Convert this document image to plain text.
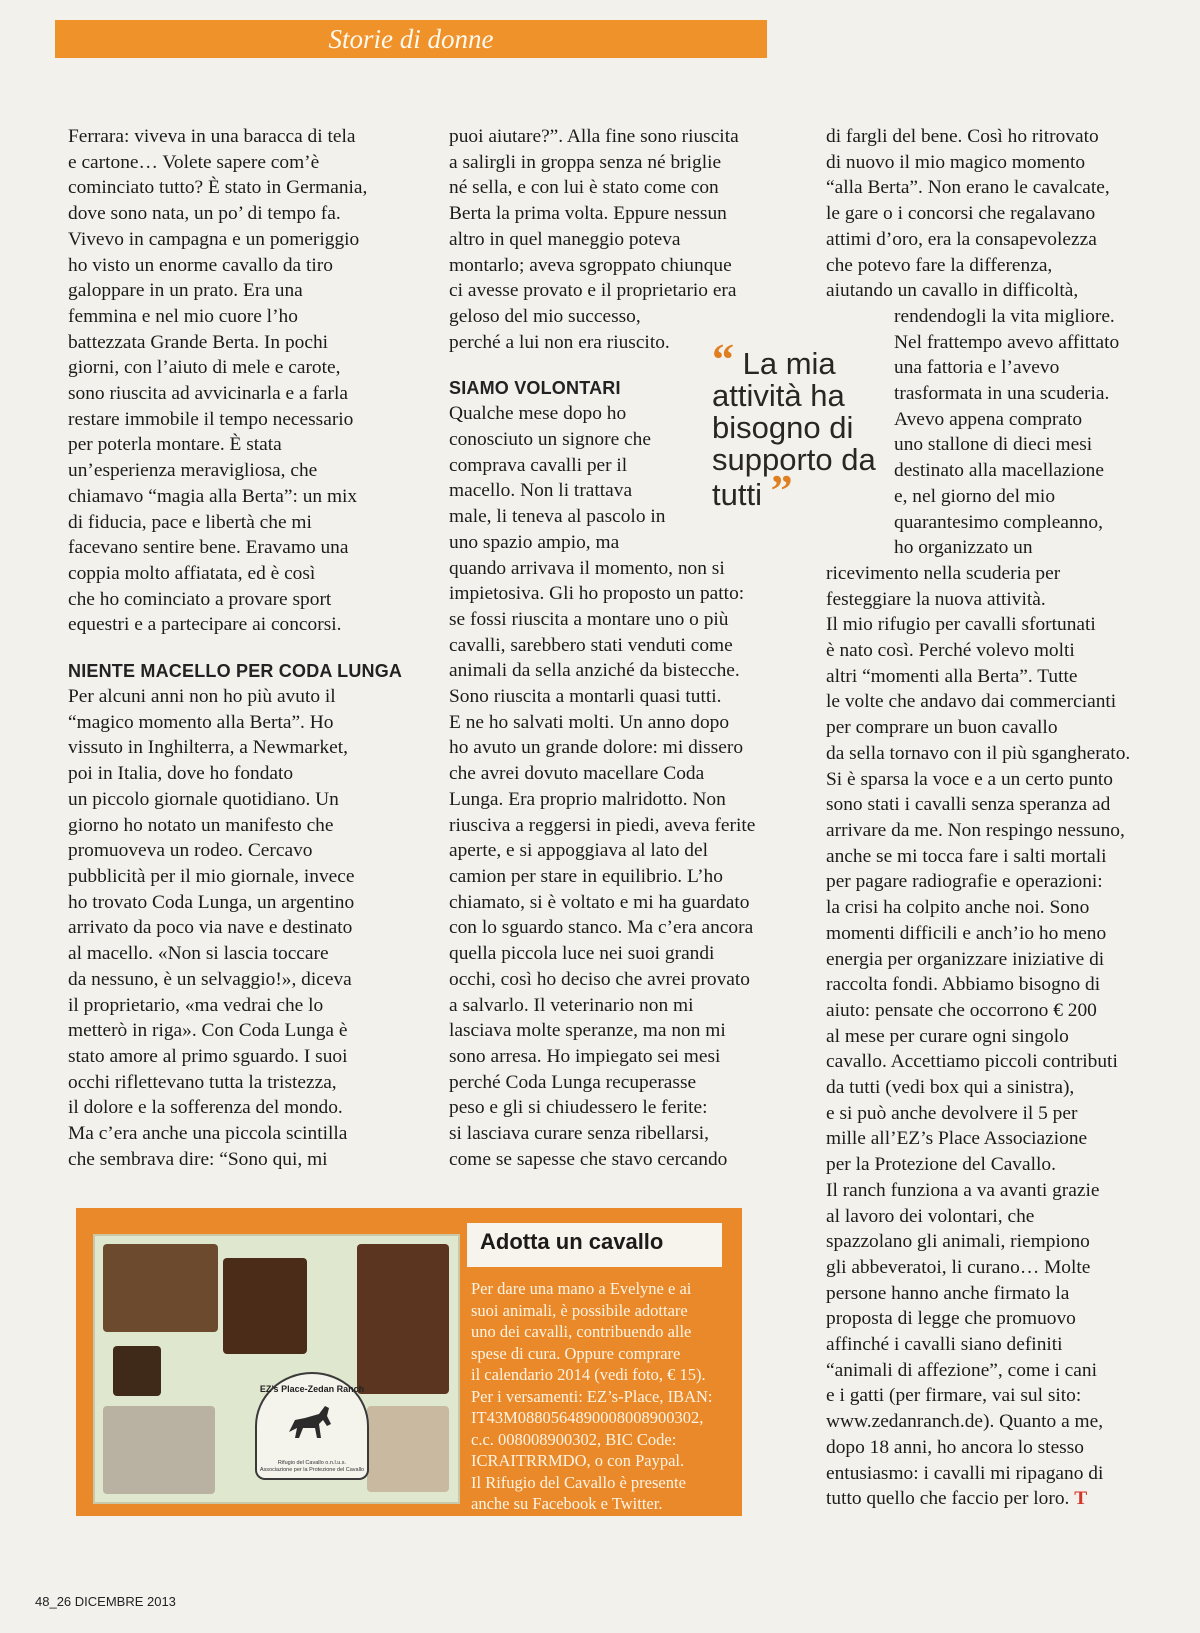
Storie di donne

Ferrara: viveva in una baracca di tela

e cartone… Volete sapere com’è

cominciato tutto? È stato in Germania,

dove sono nata, un po’ di tempo fa.

Vivevo in campagna e un pomeriggio

ho visto un enorme cavallo da tiro

galoppare in un prato. Era una

femmina e nel mio cuore l’ho

battezzata Grande Berta. In pochi

giorni, con l’aiuto di mele e carote,

sono riuscita ad avvicinarla e a farla

restare immobile il tempo necessario

per poterla montare. È stata

un’esperienza meravigliosa, che

chiamavo “magia alla Berta”: un mix

di fiducia, pace e libertà che mi

facevano sentire bene. Eravamo una

coppia molto affiatata, ed è così

che ho cominciato a provare sport

equestri e a partecipare ai concorsi.

NIENTE MACELLO PER CODA LUNGA

Per alcuni anni non ho più avuto il

“magico momento alla Berta”. Ho

vissuto in Inghilterra, a Newmarket,

poi in Italia, dove ho fondato

un piccolo giornale quotidiano. Un

giorno ho notato un manifesto che

promuoveva un rodeo. Cercavo

pubblicità per il mio giornale, invece

ho trovato Coda Lunga, un argentino

arrivato da poco via nave e destinato

al macello. «Non si lascia toccare

da nessuno, è un selvaggio!», diceva

il proprietario, «ma vedrai che lo

metterò in riga». Con Coda Lunga è

stato amore al primo sguardo. I suoi

occhi riflettevano tutta la tristezza,

il dolore e la sofferenza del mondo.

Ma c’era anche una piccola scintilla

che sembrava dire: “Sono qui, mi

puoi aiutare?”. Alla fine sono riuscita

a salirgli in groppa senza né briglie

né sella, e con lui è stato come con

Berta la prima volta. Eppure nessun

altro in quel maneggio poteva

montarlo; aveva sgroppato chiunque

ci avesse provato e il proprietario era

geloso del mio successo,

perché a lui non era riuscito.

SIAMO VOLONTARI

Qualche mese dopo ho

conosciuto un signore che

comprava cavalli per il

macello. Non li trattava

male, li teneva al pascolo in

uno spazio ampio, ma

quando arrivava il momento, non si

impietosiva. Gli ho proposto un patto:

se fossi riuscita a montare uno o più

cavalli, sarebbero stati venduti come

animali da sella anziché da bistecche.

Sono riuscita a montarli quasi tutti.

E ne ho salvati molti. Un anno dopo

ho avuto un grande dolore: mi dissero

che avrei dovuto macellare Coda

Lunga. Era proprio malridotto. Non

riusciva a reggersi in piedi, aveva ferite

aperte, e si appoggiava al lato del

camion per stare in equilibrio. L’ho

chiamato, si è voltato e mi ha guardato

con lo sguardo stanco. Ma c’era ancora

quella piccola luce nei suoi grandi

occhi, così ho deciso che avrei provato

a salvarlo. Il veterinario non mi

lasciava molte speranze, ma non mi

sono arresa. Ho impiegato sei mesi

perché Coda Lunga recuperasse

peso e gli si chiudessero le ferite:

si lasciava curare senza ribellarsi,

come se sapesse che stavo cercando

di fargli del bene. Così ho ritrovato

di nuovo il mio magico momento

“alla Berta”. Non erano le cavalcate,

le gare o i concorsi che regalavano

attimi d’oro, era la consapevolezza

che potevo fare la differenza,

aiutando un cavallo in difficoltà,

rendendogli la vita migliore.

Nel frattempo avevo affittato

una fattoria e l’avevo

trasformata in una scuderia.

Avevo appena comprato

uno stallone di dieci mesi

destinato alla macellazione

e, nel giorno del mio

quarantesimo compleanno,

ho organizzato un

ricevimento nella scuderia per

festeggiare la nuova attività.

Il mio rifugio per cavalli sfortunati

è nato così. Perché volevo molti

altri “momenti alla Berta”. Tutte

le volte che andavo dai commercianti

per comprare un buon cavallo

da sella tornavo con il più sgangherato.

Si è sparsa la voce e a un certo punto

sono stati i cavalli senza speranza ad

arrivare da me. Non respingo nessuno,

anche se mi tocca fare i salti mortali

per pagare radiografie e operazioni:

la crisi ha colpito anche noi. Sono

momenti difficili e anch’io ho meno

energia per organizzare iniziative di

raccolta fondi. Abbiamo bisogno di

aiuto: pensate che occorrono € 200

al mese per curare ogni singolo

cavallo. Accettiamo piccoli contributi

da tutti (vedi box qui a sinistra),

e si può anche devolvere il 5 per

mille all’EZ’s Place Associazione

per la Protezione del Cavallo.

Il ranch funziona a va avanti grazie

al lavoro dei volontari, che

spazzolano gli animali, riempiono

gli abbeveratoi, li curano… Molte

persone hanno anche firmato la

proposta di legge che promuovo

affinché i cavalli siano definiti

“animali di affezione”, come i cani

e i gatti (per firmare, vai sul sito:

www.zedanranch.de). Quanto a me,

dopo 18 anni, ho ancora lo stesso

entusiasmo: i cavalli mi ripagano di

tutto quello che faccio per loro. T

“ La mia attività ha bisogno di supporto da tutti ”
EZ’s Place-Zedan Ranch
Rifugio del Cavallo o.n.l.u.s.
Associazione per la Protezione del Cavallo
Adotta un cavallo
Per dare una mano a Evelyne e ai
suoi animali, è possibile adottare
uno dei cavalli, contribuendo alle
spese di cura. Oppure comprare
il calendario 2014 (vedi foto, € 15).
Per i versamenti: EZ’s-Place, IBAN:
IT43M0880564890008008900302,
c.c. 008008900302, BIC Code:
ICRAITRRMDO, o con Paypal.
Il Rifugio del Cavallo è presente
anche su Facebook e Twitter.
48_26 DICEMBRE 2013
